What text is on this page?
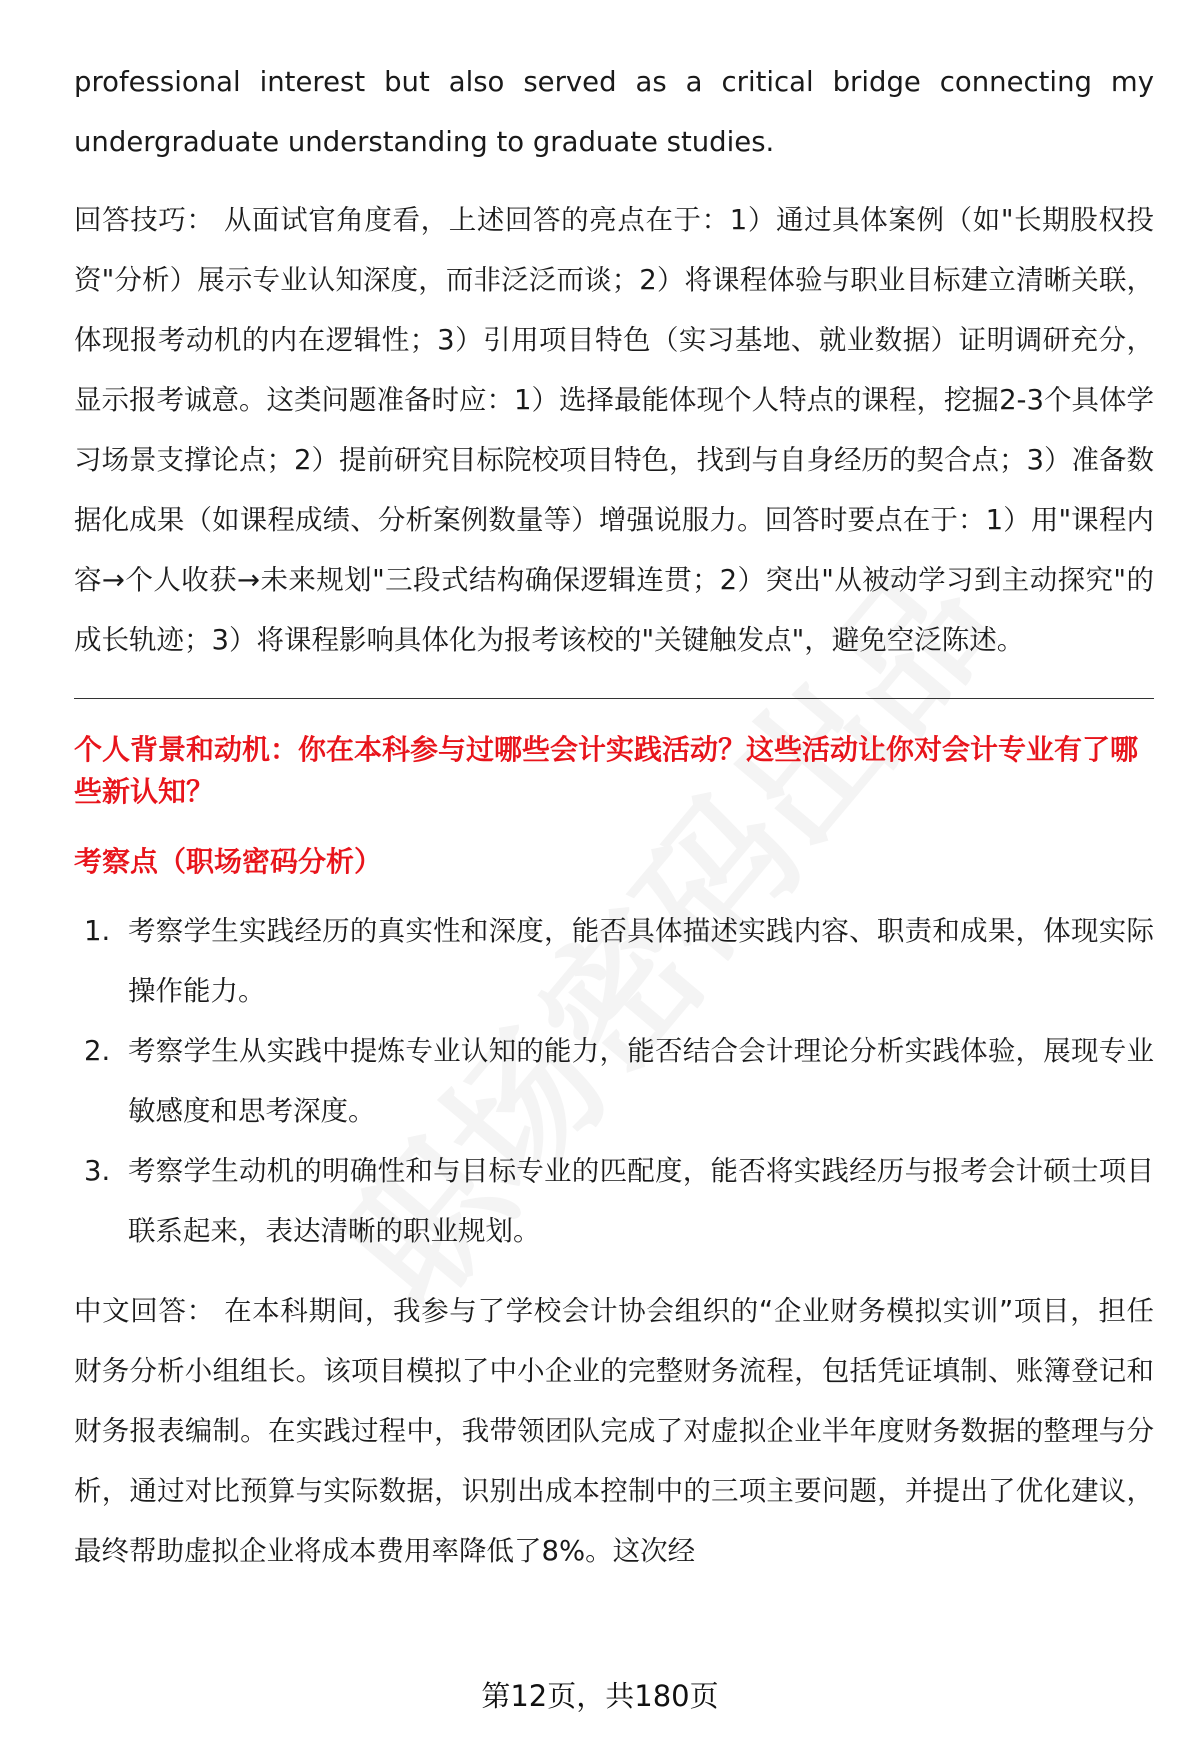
professional interest but also served as a critical bridge connecting my undergraduate understanding to graduate studies.

回答技巧： 从面试官角度看，上述回答的亮点在于：1）通过具体案例（如"长期股权投资"分析）展示专业认知深度，而非泛泛而谈；2）将课程体验与职业目标建立清晰关联，体现报考动机的内在逻辑性；3）引用项目特色（实习基地、就业数据）证明调研充分，显示报考诚意。这类问题准备时应：1）选择最能体现个人特点的课程，挖掘2-3个具体学习场景支撑论点；2）提前研究目标院校项目特色，找到与自身经历的契合点；3）准备数据化成果（如课程成绩、分析案例数量等）增强说服力。回答时要点在于：1）用"课程内容→个人收获→未来规划"三段式结构确保逻辑连贯；2）突出"从被动学习到主动探究"的成长轨迹；3）将课程影响具体化为报考该校的"关键触发点"，避免空泛陈述。

个人背景和动机：你在本科参与过哪些会计实践活动？这些活动让你对会计专业有了哪些新认知？

考察点（职场密码分析）

1. 考察学生实践经历的真实性和深度，能否具体描述实践内容、职责和成果，体现实际操作能力。
2. 考察学生从实践中提炼专业认知的能力，能否结合会计理论分析实践体验，展现专业敏感度和思考深度。
3. 考察学生动机的明确性和与目标专业的匹配度，能否将实践经历与报考会计硕士项目联系起来，表达清晰的职业规划。

中文回答： 在本科期间，我参与了学校会计协会组织的“企业财务模拟实训”项目，担任财务分析小组组长。该项目模拟了中小企业的完整财务流程，包括凭证填制、账簿登记和财务报表编制。在实践过程中，我带领团队完成了对虚拟企业半年度财务数据的整理与分析，通过对比预算与实际数据，识别出成本控制中的三项主要问题，并提出了优化建议，最终帮助虚拟企业将成本费用率降低了8%。这次经

第12页，共180页
